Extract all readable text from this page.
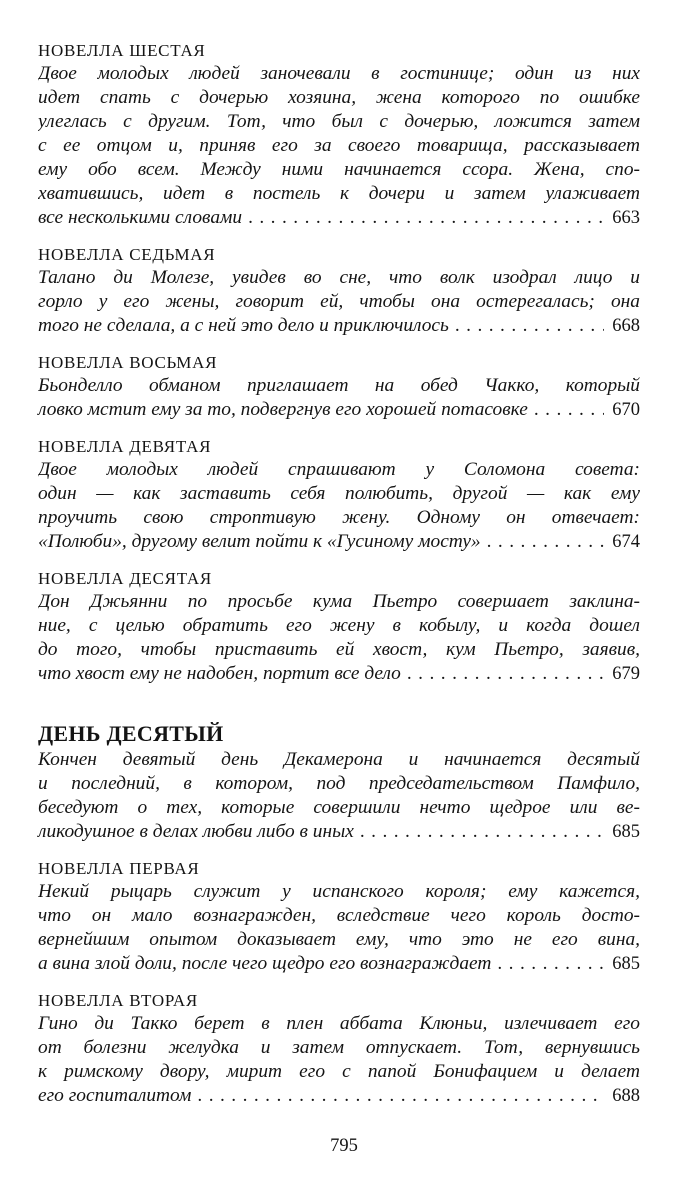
НОВЕЛЛА ШЕСТАЯ
Двое молодых людей заночевали в гостинице; один из них
идет спать с дочерью хозяина, жена которого по ошибке
улеглась с другим. Тот, что был с дочерью, ложится затем
с ее отцом и, приняв его за своего товарища, рассказывает
ему обо всем. Между ними начинается ссора. Жена, спо-
хватившись, идет в постель к дочери и затем улаживает
все несколькими словами . . .	663
НОВЕЛЛА СЕДЬМАЯ
Талано ди Молезе, увидев во сне, что волк изодрал лицо и
горло у его жены, говорит ей, чтобы она остерегалась; она
того не сделала, а с ней это дело и приключилось . . .	668
НОВЕЛЛА ВОСЬМАЯ
Бьонделло обманом приглашает на обед Чакко, который
ловко мстит ему за то, подвергнув его хорошей потасовке . . .	670
НОВЕЛЛА ДЕВЯТАЯ
Двое молодых людей спрашивают у Соломона совета:
один — как заставить себя полюбить, другой — как ему
проучить свою строптивую жену. Одному он отвечает:
«Полюби», другому велит пойти к «Гусиному мосту» . . .	674
НОВЕЛЛА ДЕСЯТАЯ
Дон Джьянни по просьбе кума Пьетро совершает заклина-
ние, с целью обратить его жену в кобылу, и когда дошел
до того, чтобы приставить ей хвост, кум Пьетро, заявив,
что хвост ему не надобен, портит все дело . . .	679
ДЕНЬ ДЕСЯТЫЙ
Кончен девятый день Декамерона и начинается десятый
и последний, в котором, под председательством Памфило,
беседуют о тех, которые совершили нечто щедрое или ве-
ликодушное в делах любви либо в иных . . .	685
НОВЕЛЛА ПЕРВАЯ
Некий рыцарь служит у испанского короля; ему кажется,
что он мало вознагражден, вследствие чего король досто-
вернейшим опытом доказывает ему, что это не его вина,
а вина злой доли, после чего щедро его вознаграждает . . .	685
НОВЕЛЛА ВТОРАЯ
Гино ди Такко берет в плен аббата Клюньи, излечивает его
от болезни желудка и затем отпускает. Тот, вернувшись
к римскому двору, мирит его с папой Бонифацием и делает
его госпиталитом . . .	688
795
